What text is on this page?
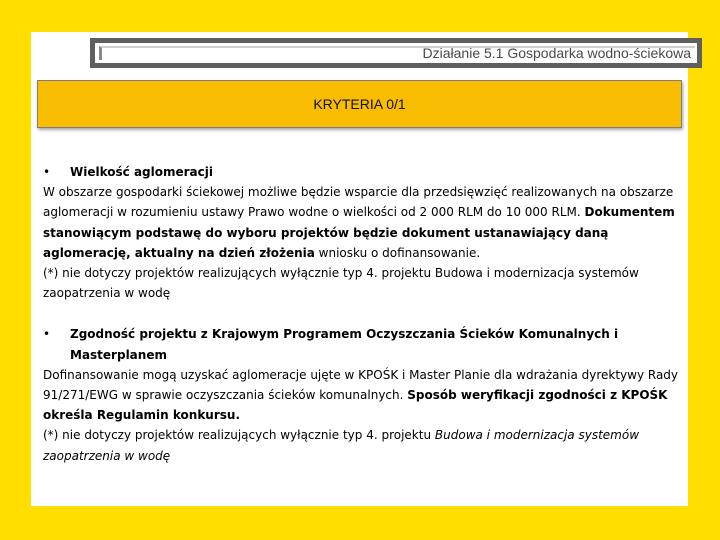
Działanie 5.1 Gospodarka wodno-ściekowa
KRYTERIA 0/1
• Wielkość aglomeracji

W obszarze gospodarki ściekowej możliwe będzie wsparcie dla przedsięwzięć realizowanych na obszarze aglomeracji w rozumieniu ustawy Prawo wodne o wielkości od 2 000 RLM do 10 000 RLM. Dokumentem stanowiącym podstawę do wyboru projektów będzie dokument ustanawiający daną aglomerację, aktualny na dzień złożenia wniosku o dofinansowanie.

(*) nie dotyczy projektów realizujących wyłącznie typ 4. projektu Budowa i modernizacja systemów zaopatrzenia w wodę

• Zgodność projektu z Krajowym Programem Oczyszczania Ścieków Komunalnych i Masterplanem

Dofinansowanie mogą uzyskać aglomeracje ujęte w KPOŚK i Master Planie dla wdrażania dyrektywy Rady 91/271/EWG w sprawie oczyszczania ścieków komunalnych. Sposób weryfikacji zgodności z KPOŚK określa Regulamin konkursu.

(*) nie dotyczy projektów realizujących wyłącznie typ 4. projektu Budowa i modernizacja systemów zaopatrzenia w wodę
